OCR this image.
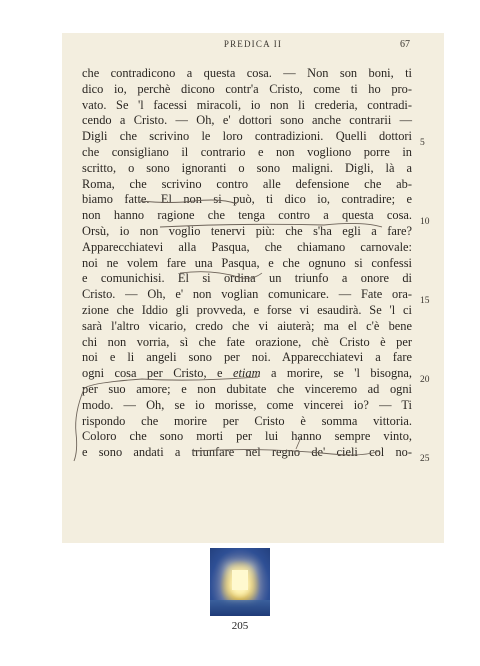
PREDICA II	67
che contradicono a questa cosa. — Non son boni, ti
dico io, perchè dicono contr'a Cristo, come ti ho pro-
vato. Se 'l facessi miracoli, io non li crederia, contradi-
cendo a Cristo. — Oh, e' dottori sono anche contrarii —
Digli che scrivino le loro contradizioni. Quelli dottori
che consigliano il contrario e non vogliono porre in
scritto, o sono ignoranti o sono maligni. Digli, là a
Roma, che scrivino contro alle defensione che ab-
biamo fatte. El non si può, ti dico io, contradire; e
non hanno ragione che tenga contro a questa cosa.
Orsù, io non voglio tenervi più: che s'ha egli a fare?
Apparecchiatevi alla Pasqua, che chiamano carnovale:
noi ne volem fare una Pasqua, e che ognuno si confessi
e comunichisi. El si ordina un triunfo a onore di
Cristo. — Oh, e' non voglian comunicare. — Fate ora-
zione che Iddio gli provveda, e forse vi esaudirà. Se 'l ci
sarà l'altro vicario, credo che vi aiuterà; ma el c'è bene
chi non vorria, sì che fate orazione, chè Cristo è per
noi e li angeli sono per noi. Apparecchiatevi a fare
ogni cosa per Cristo, e etiam a morire, se 'l bisogna,
per suo amore; e non dubitate che vinceremo ad ogni
modo. — Oh, se io morisse, come vincerei io? — Ti
rispondo che morire per Cristo è somma vittoria.
Coloro che sono morti per lui hanno sempre vinto,
e sono andati a triunfare nel regno de' cieli col no-
5
10
15
20
25
205
